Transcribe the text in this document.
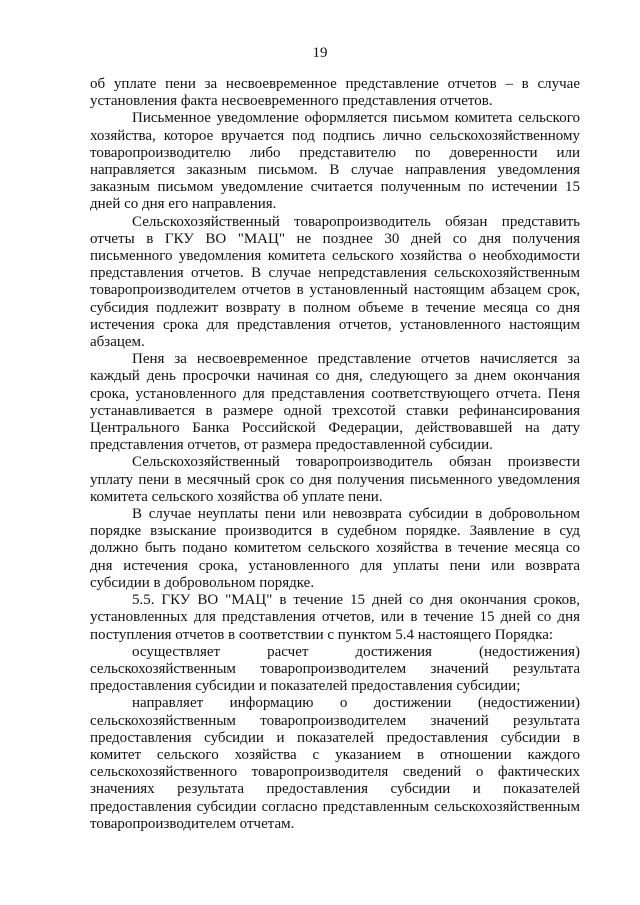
19

об уплате пени за несвоевременное представление отчетов – в случае установления факта несвоевременного представления отчетов.

Письменное уведомление оформляется письмом комитета сельского хозяйства, которое вручается под подпись лично сельскохозяйственному товаропроизводителю либо представителю по доверенности или направляется заказным письмом. В случае направления уведомления заказным письмом уведомление считается полученным по истечении 15 дней со дня его направления.

Сельскохозяйственный товаропроизводитель обязан представить отчеты в ГКУ ВО "МАЦ" не позднее 30 дней со дня получения письменного уведомления комитета сельского хозяйства о необходимости представления отчетов. В случае непредставления сельскохозяйственным товаропроизводителем отчетов в установленный настоящим абзацем срок, субсидия подлежит возврату в полном объеме в течение месяца со дня истечения срока для представления отчетов, установленного настоящим абзацем.

Пеня за несвоевременное представление отчетов начисляется за каждый день просрочки начиная со дня, следующего за днем окончания срока, установленного для представления соответствующего отчета. Пеня устанавливается в размере одной трехсотой ставки рефинансирования Центрального Банка Российской Федерации, действовавшей на дату представления отчетов, от размера предоставленной субсидии.

Сельскохозяйственный товаропроизводитель обязан произвести уплату пени в месячный срок со дня получения письменного уведомления комитета сельского хозяйства об уплате пени.

В случае неуплаты пени или невозврата субсидии в добровольном порядке взыскание производится в судебном порядке. Заявление в суд должно быть подано комитетом сельского хозяйства в течение месяца со дня истечения срока, установленного для уплаты пени или возврата субсидии в добровольном порядке.

5.5. ГКУ ВО "МАЦ" в течение 15 дней со дня окончания сроков, установленных для представления отчетов, или в течение 15 дней со дня поступления отчетов в соответствии с пунктом 5.4 настоящего Порядка:

осуществляет расчет достижения (недостижения) сельскохозяйственным товаропроизводителем значений результата предоставления субсидии и показателей предоставления субсидии;

направляет информацию о достижении (недостижении) сельскохозяйственным товаропроизводителем значений результата предоставления субсидии и показателей предоставления субсидии в комитет сельского хозяйства с указанием в отношении каждого сельскохозяйственного товаропроизводителя сведений о фактических значениях результата предоставления субсидии и показателей предоставления субсидии согласно представленным сельскохозяйственным товаропроизводителем отчетам.
